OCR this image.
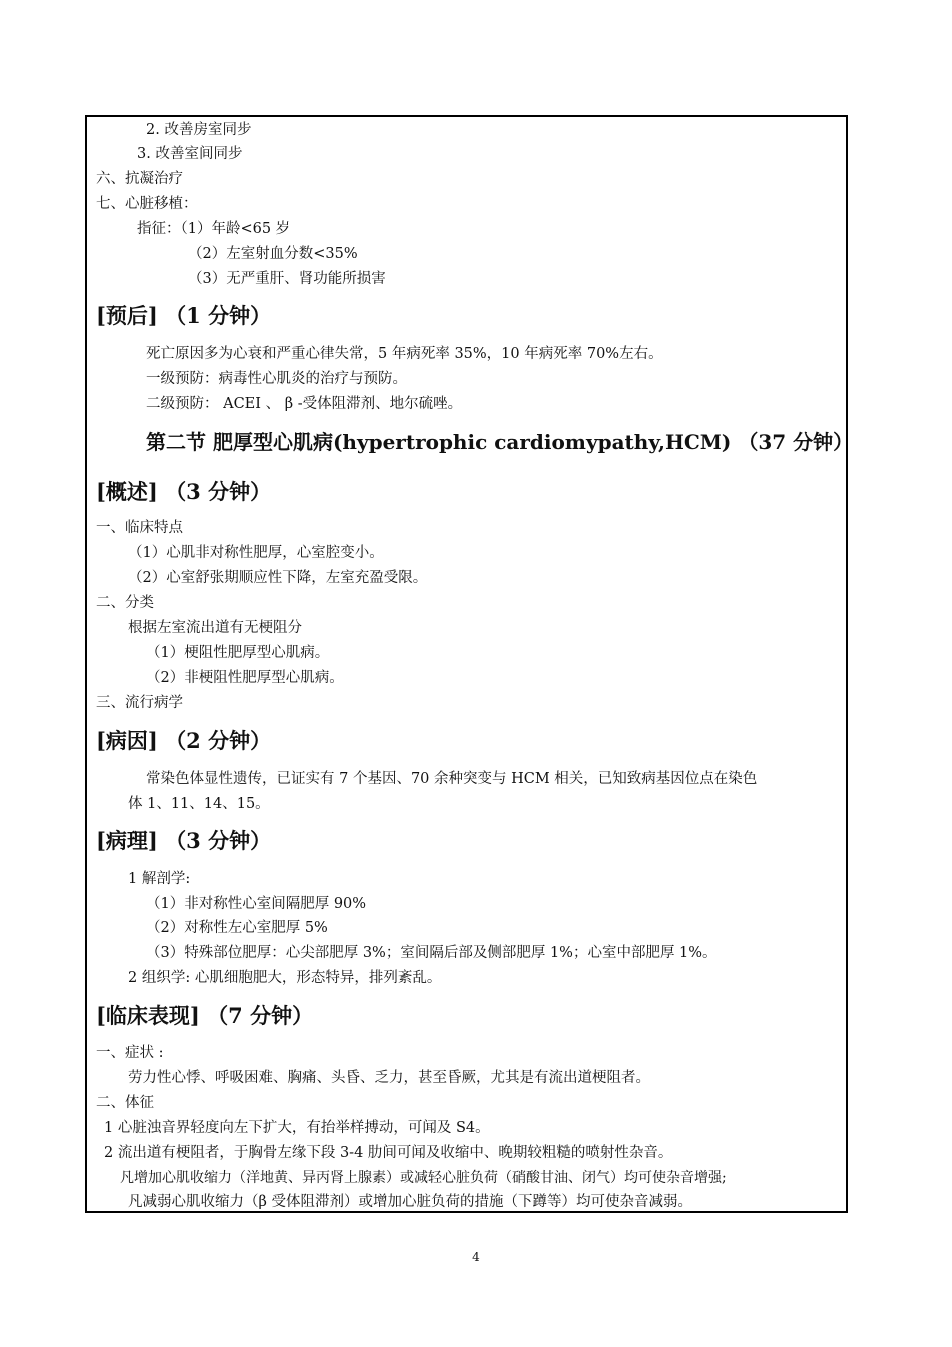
2. 改善房室同步
3. 改善室间同步
六、抗凝治疗
七、心脏移植：
指征：（1）年龄<65 岁
（2）左室射血分数<35%
（3）无严重肝、肾功能所损害
[预后] （1 分钟）
死亡原因多为心衰和严重心律失常，5 年病死率 35%，10 年病死率 70%左右。
一级预防：病毒性心肌炎的治疗与预防。
二级预防： ACEI 、 β -受体阻滞剂、地尔硫唑。
第二节 肥厚型心肌病(hypertrophic cardiomypathy,HCM) （37 分钟）
[概述] （3 分钟）
一、临床特点
（1）心肌非对称性肥厚，心室腔变小。
（2）心室舒张期顺应性下降，左室充盈受限。
二、分类
根据左室流出道有无梗阻分
（1）梗阻性肥厚型心肌病。
（2）非梗阻性肥厚型心肌病。
三、流行病学
[病因] （2 分钟）
常染色体显性遗传，已证实有 7 个基因、70 余种突变与 HCM 相关，已知致病基因位点在染色
体 1、11、14、15。
[病理] （3 分钟）
1 解剖学:
（1）非对称性心室间隔肥厚 90%
（2）对称性左心室肥厚 5%
（3）特殊部位肥厚：心尖部肥厚 3%；室间隔后部及侧部肥厚 1%；心室中部肥厚 1%。
2 组织学: 心肌细胞肥大，形态特异，排列紊乱。
[临床表现] （7 分钟）
一、症状 :
劳力性心悸、呼吸困难、胸痛、头昏、乏力，甚至昏厥，尤其是有流出道梗阻者。
二、体征
1 心脏浊音界轻度向左下扩大，有抬举样搏动，可闻及 S4。
2 流出道有梗阻者，于胸骨左缘下段 3-4 肋间可闻及收缩中、晚期较粗糙的喷射性杂音。
凡增加心肌收缩力（洋地黄、异丙肾上腺素）或减轻心脏负荷（硝酸甘油、闭气）均可使杂音增强;
凡减弱心肌收缩力（β 受体阻滞剂）或增加心脏负荷的措施（下蹲等）均可使杂音减弱。
4
